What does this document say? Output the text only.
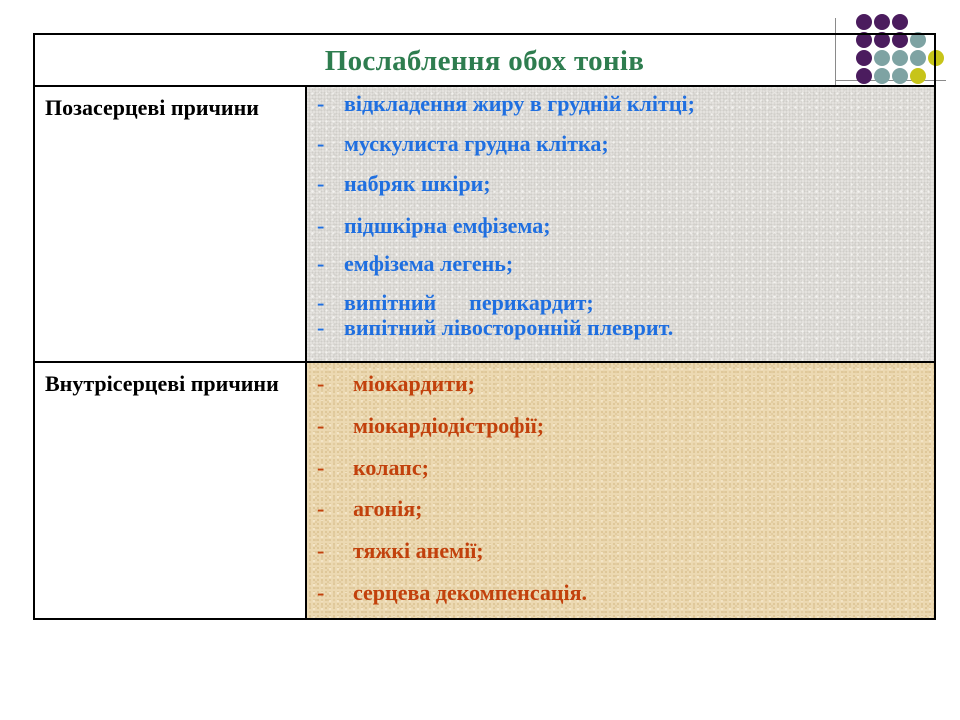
Послаблення обох тонів
Позасерцеві причини	- відкладення жиру в грудній клітці;
- мускулиста грудна клітка;
- набряк шкіри;
- підшкірна емфізема;
- емфізема легень;
- випітний      перикардит;
- випітний лівосторонній плеврит.
Внутрісерцеві причини	- міокардити;
- міокардіодістрофії;
- колапс;
- агонія;
- тяжкі анемії;
- серцева декомпенсація.
